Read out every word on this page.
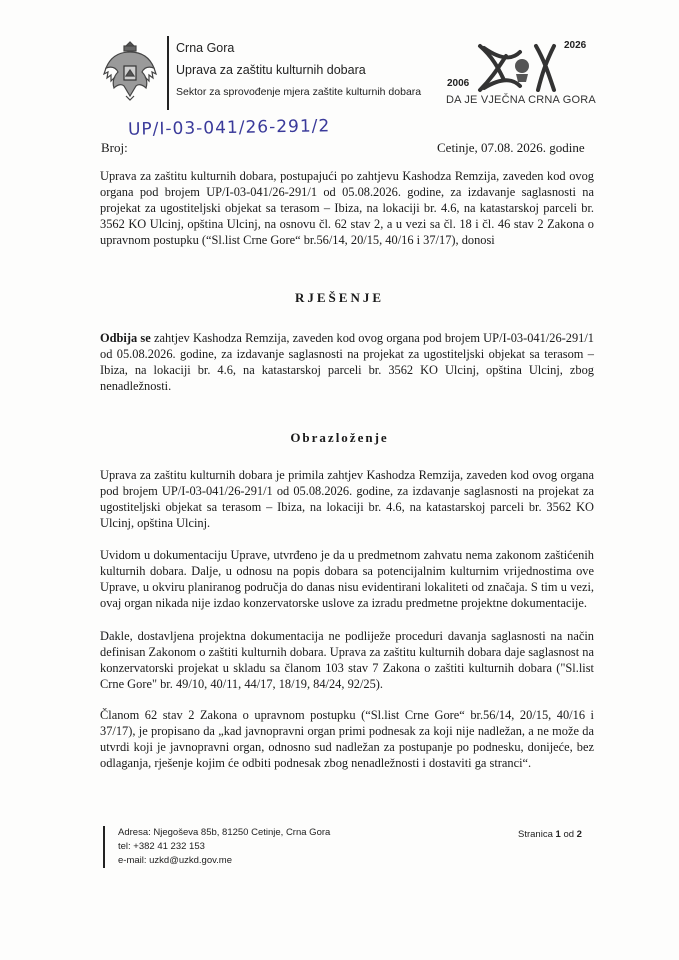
Crna Gora
Uprava za zaštitu kulturnih dobara
Sektor za sprovođenje mjera zaštite kulturnih dobara
2026
2006
DA JE VJEČNA CRNA GORA
Broj:
UP/I-03-041/26-291/2
Cetinje, 07.08. 2026. godine
Uprava za zaštitu kulturnih dobara, postupajući po zahtjevu Kashodza Remzija, zaveden kod ovog organa pod brojem UP/I-03-041/26-291/1 od 05.08.2026. godine, za izdavanje saglasnosti na projekat za ugostiteljski objekat sa terasom – Ibiza, na lokaciji br. 4.6, na katastarskoj parceli br. 3562 KO Ulcinj, opština Ulcinj, na osnovu čl. 62 stav 2, a u vezi sa čl. 18 i čl. 46 stav 2 Zakona o upravnom postupku (“Sl.list Crne Gore“ br.56/14, 20/15, 40/16 i 37/17), donosi
RJEŠENJE
Odbija se zahtjev Kashodza Remzija, zaveden kod ovog organa pod brojem UP/I-03-041/26-291/1 od 05.08.2026. godine, za izdavanje saglasnosti na projekat za ugostiteljski objekat sa terasom – Ibiza, na lokaciji br. 4.6, na katastarskoj parceli br. 3562 KO Ulcinj, opština Ulcinj, zbog nenadležnosti.
Obrazloženje
Uprava za zaštitu kulturnih dobara je primila zahtjev Kashodza Remzija, zaveden kod ovog organa pod brojem UP/I-03-041/26-291/1 od 05.08.2026. godine, za izdavanje saglasnosti na projekat za ugostiteljski objekat sa terasom – Ibiza, na lokaciji br. 4.6, na katastarskoj parceli br. 3562 KO Ulcinj, opština Ulcinj.
Uvidom u dokumentaciju Uprave, utvrđeno je da u predmetnom zahvatu nema zakonom zaštićenih kulturnih dobara. Dalje, u odnosu na popis dobara sa potencijalnim kulturnim vrijednostima ove Uprave, u okviru planiranog područja do danas nisu evidentirani lokaliteti od značaja. S tim u vezi, ovaj organ nikada nije izdao konzervatorske uslove za izradu predmetne projektne dokumentacije.
Dakle, dostavljena projektna dokumentacija ne podliježe proceduri davanja saglasnosti na način definisan Zakonom o zaštiti kulturnih dobara. Uprava za zaštitu kulturnih dobara daje saglasnost na konzervatorski projekat u skladu sa članom 103 stav 7 Zakona o zaštiti kulturnih dobara ("Sl.list Crne Gore" br. 49/10, 40/11, 44/17, 18/19, 84/24, 92/25).
Članom 62 stav 2 Zakona o upravnom postupku (“Sl.list Crne Gore“ br.56/14, 20/15, 40/16 i 37/17), je propisano da „kad javnopravni organ primi podnesak za koji nije nadležan, a ne može da utvrdi koji je javnopravni organ, odnosno sud nadležan za postupanje po podnesku, donijeće, bez odlaganja, rješenje kojim će odbiti podnesak zbog nenadležnosti i dostaviti ga stranci“.
Adresa: Njegoševa 85b, 81250 Cetinje, Crna Gora
tel: +382 41 232 153
e-mail: uzkd@uzkd.gov.me
Stranica 1 od 2
